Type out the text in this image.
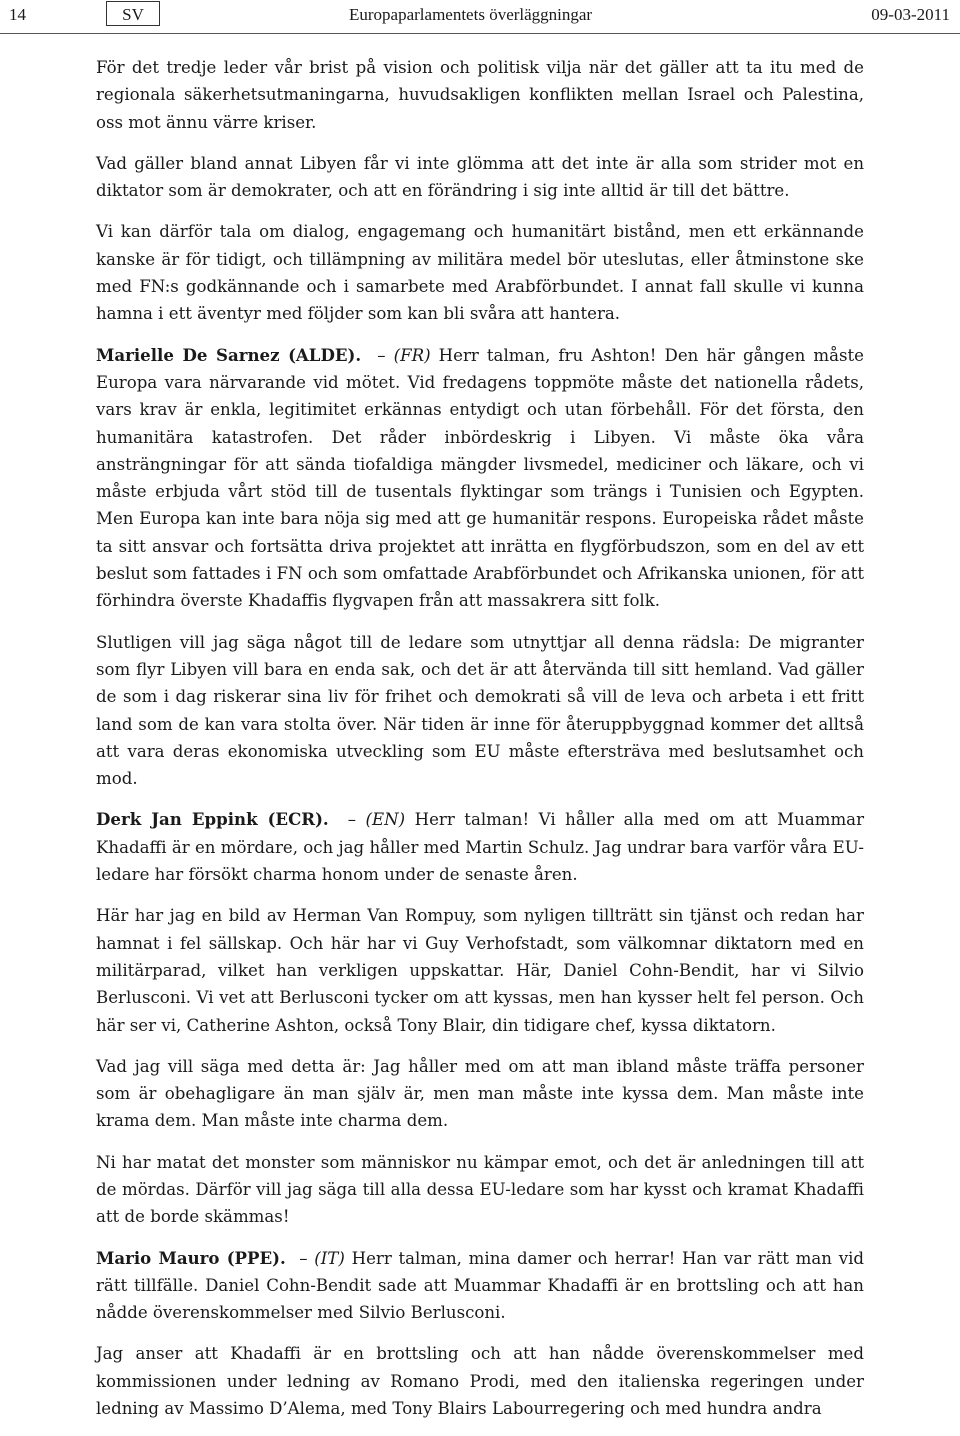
14	SV	Europaparlamentets överläggningar	09-03-2011

För det tredje leder vår brist på vision och politisk vilja när det gäller att ta itu med de regionala säkerhetsutmaningarna, huvudsakligen konflikten mellan Israel och Palestina, oss mot ännu värre kriser.

Vad gäller bland annat Libyen får vi inte glömma att det inte är alla som strider mot en diktator som är demokrater, och att en förändring i sig inte alltid är till det bättre.

Vi kan därför tala om dialog, engagemang och humanitärt bistånd, men ett erkännande kanske är för tidigt, och tillämpning av militära medel bör uteslutas, eller åtminstone ske med FN:s godkännande och i samarbete med Arabförbundet. I annat fall skulle vi kunna hamna i ett äventyr med följder som kan bli svåra att hantera.

Marielle De Sarnez (ALDE).  – (FR) Herr talman, fru Ashton! Den här gången måste Europa vara närvarande vid mötet. Vid fredagens toppmöte måste det nationella rådets, vars krav är enkla, legitimitet erkännas entydigt och utan förbehåll. För det första, den humanitära katastrofen. Det råder inbördeskrig i Libyen. Vi måste öka våra ansträngningar för att sända tiofaldiga mängder livsmedel, mediciner och läkare, och vi måste erbjuda vårt stöd till de tusentals flyktingar som trängs i Tunisien och Egypten. Men Europa kan inte bara nöja sig med att ge humanitär respons. Europeiska rådet måste ta sitt ansvar och fortsätta driva projektet att inrätta en flygförbudszon, som en del av ett beslut som fattades i FN och som omfattade Arabförbundet och Afrikanska unionen, för att förhindra överste Khadaffis flygvapen från att massakrera sitt folk.

Slutligen vill jag säga något till de ledare som utnyttjar all denna rädsla: De migranter som flyr Libyen vill bara en enda sak, och det är att återvända till sitt hemland. Vad gäller de som i dag riskerar sina liv för frihet och demokrati så vill de leva och arbeta i ett fritt land som de kan vara stolta över. När tiden är inne för återuppbyggnad kommer det alltså att vara deras ekonomiska utveckling som EU måste eftersträva med beslutsamhet och mod.

Derk Jan Eppink (ECR).  – (EN) Herr talman! Vi håller alla med om att Muammar Khadaffi är en mördare, och jag håller med Martin Schulz. Jag undrar bara varför våra EU-ledare har försökt charma honom under de senaste åren.

Här har jag en bild av Herman Van Rompuy, som nyligen tillträtt sin tjänst och redan har hamnat i fel sällskap. Och här har vi Guy Verhofstadt, som välkomnar diktatorn med en militärparad, vilket han verkligen uppskattar. Här, Daniel Cohn-Bendit, har vi Silvio Berlusconi. Vi vet att Berlusconi tycker om att kyssas, men han kysser helt fel person. Och här ser vi, Catherine Ashton, också Tony Blair, din tidigare chef, kyssa diktatorn.

Vad jag vill säga med detta är: Jag håller med om att man ibland måste träffa personer som är obehagligare än man själv är, men man måste inte kyssa dem. Man måste inte krama dem. Man måste inte charma dem.

Ni har matat det monster som människor nu kämpar emot, och det är anledningen till att de mördas. Därför vill jag säga till alla dessa EU-ledare som har kysst och kramat Khadaffi att de borde skämmas!

Mario Mauro (PPE).  – (IT) Herr talman, mina damer och herrar! Han var rätt man vid rätt tillfälle. Daniel Cohn-Bendit sade att Muammar Khadaffi är en brottsling och att han nådde överenskommelser med Silvio Berlusconi.

Jag anser att Khadaffi är en brottsling och att han nådde överenskommelser med kommissionen under ledning av Romano Prodi, med den italienska regeringen under ledning av Massimo D’Alema, med Tony Blairs Labourregering och med hundra andra
